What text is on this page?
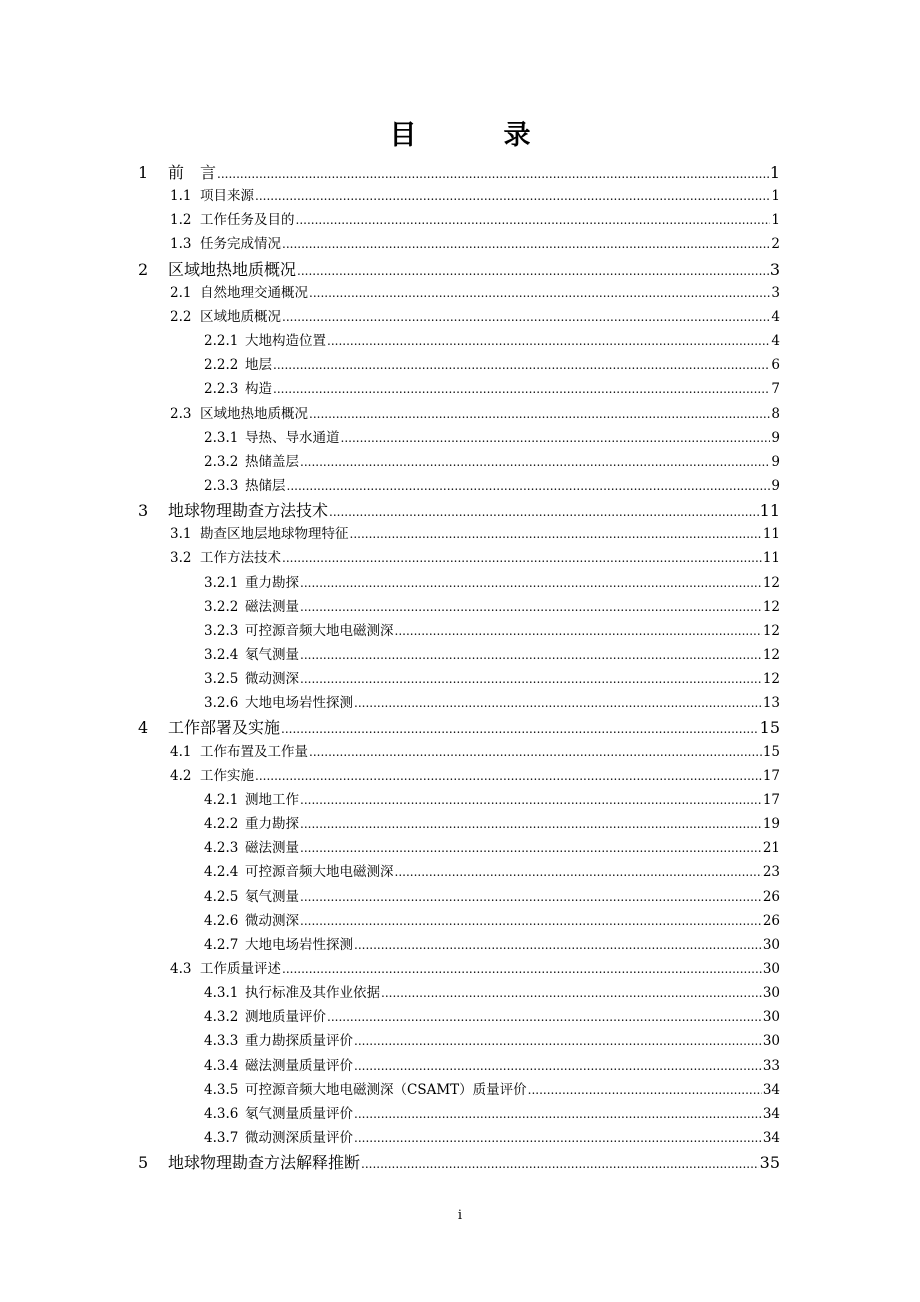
目　录
1	前　言 .....	1
1.1 项目来源 .....	1
1.2 工作任务及目的 .....	1
1.3 任务完成情况 .....	2
2	区域地热地质概况 .....	3
2.1 自然地理交通概况 .....	3
2.2 区域地质概况 .....	4
2.2.1 大地构造位置 .....	4
2.2.2 地层 .....	6
2.2.3 构造 .....	7
2.3 区域地热地质概况 .....	8
2.3.1 导热、导水通道 .....	9
2.3.2 热储盖层 .....	9
2.3.3 热储层 .....	9
3	地球物理勘查方法技术 .....	11
3.1 勘查区地层地球物理特征 .....	11
3.2 工作方法技术 .....	11
3.2.1 重力勘探 .....	12
3.2.2 磁法测量 .....	12
3.2.3 可控源音频大地电磁测深 .....	12
3.2.4 氡气测量 .....	12
3.2.5 微动测深 .....	12
3.2.6 大地电场岩性探测 .....	13
4	工作部署及实施 .....	15
4.1 工作布置及工作量 .....	15
4.2 工作实施 .....	17
4.2.1 测地工作 .....	17
4.2.2 重力勘探 .....	19
4.2.3 磁法测量 .....	21
4.2.4 可控源音频大地电磁测深 .....	23
4.2.5 氡气测量 .....	26
4.2.6 微动测深 .....	26
4.2.7 大地电场岩性探测 .....	30
4.3 工作质量评述 .....	30
4.3.1 执行标准及其作业依据 .....	30
4.3.2 测地质量评价 .....	30
4.3.3 重力勘探质量评价 .....	30
4.3.4 磁法测量质量评价 .....	33
4.3.5 可控源音频大地电磁测深（CSAMT）质量评价 .....	34
4.3.6 氡气测量质量评价 .....	34
4.3.7 微动测深质量评价 .....	34
5	地球物理勘查方法解释推断 .....	35
i
